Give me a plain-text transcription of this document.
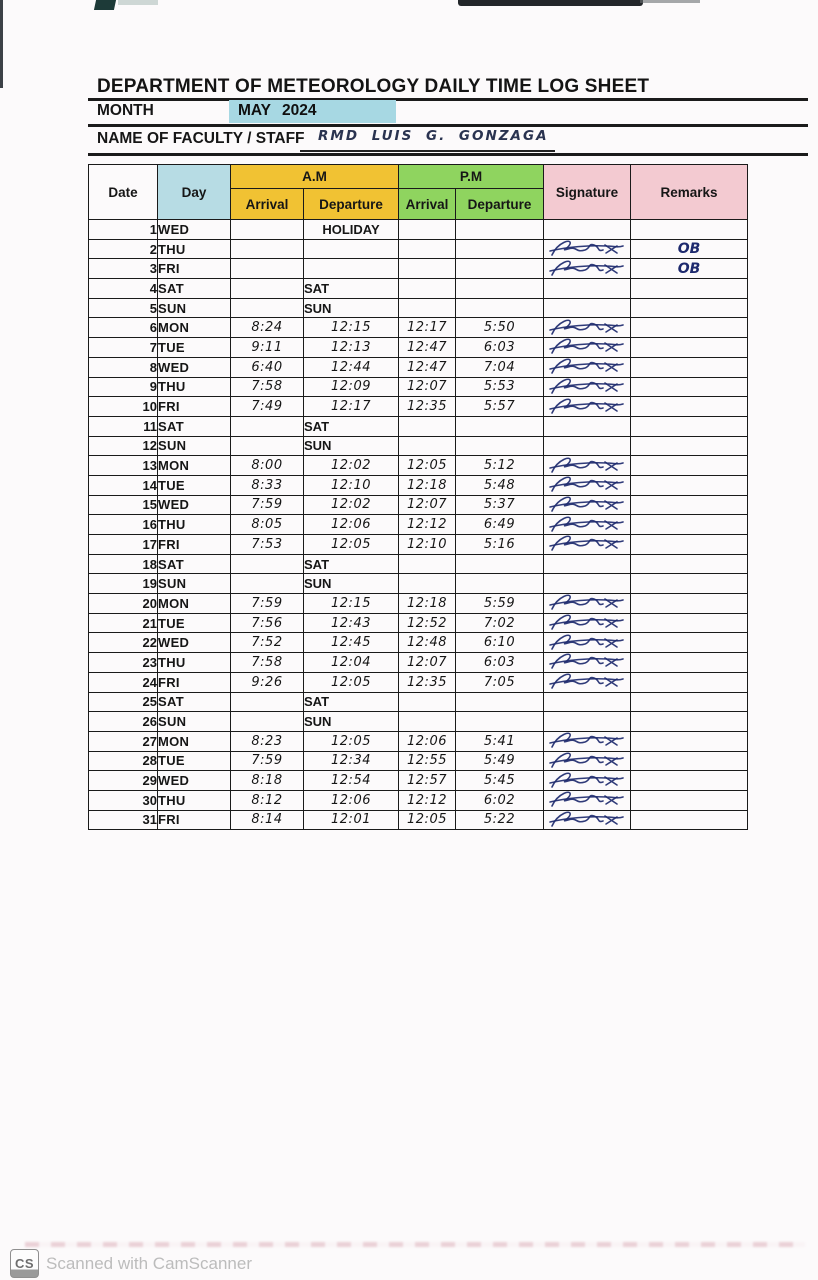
DEPARTMENT OF METEOROLOGY DAILY TIME LOG SHEET
MONTH	MAY 2024
NAME OF FACULTY / STAFF RMD LUIS G. GONZAGA
Date	Day	A.M		P.M		Signature	Remarks
		Arrival	Departure	Arrival	Departure		
1	WED		HOLIDAY				
2	THU						OB

3	FRI						OB

4	SAT		SAT				
5	SUN		SUN				
6	MON	8:24	12:15	12:17	5:50	

7	TUE	9:11	12:13	12:47	6:03	

8	WED	6:40	12:44	12:47	7:04	

9	THU	7:58	12:09	12:07	5:53	

10	FRI	7:49	12:17	12:35	5:57	

11	SAT		SAT				
12	SUN		SUN				
13	MON	8:00	12:02	12:05	5:12	

14	TUE	8:33	12:10	12:18	5:48	

15	WED	7:59	12:02	12:07	5:37	

16	THU	8:05	12:06	12:12	6:49	

17	FRI	7:53	12:05	12:10	5:16	

18	SAT		SAT				
19	SUN		SUN				
20	MON	7:59	12:15	12:18	5:59	

21	TUE	7:56	12:43	12:52	7:02	

22	WED	7:52	12:45	12:48	6:10	

23	THU	7:58	12:04	12:07	6:03	

24	FRI	9:26	12:05	12:35	7:05	

25	SAT		SAT				
26	SUN		SUN				
27	MON	8:23	12:05	12:06	5:41	

28	TUE	7:59	12:34	12:55	5:49	

29	WED	8:18	12:54	12:57	5:45	

30	THU	8:12	12:06	12:12	6:02	

31	FRI	8:14	12:01	12:05	5:22	

CS Scanned with CamScanner
